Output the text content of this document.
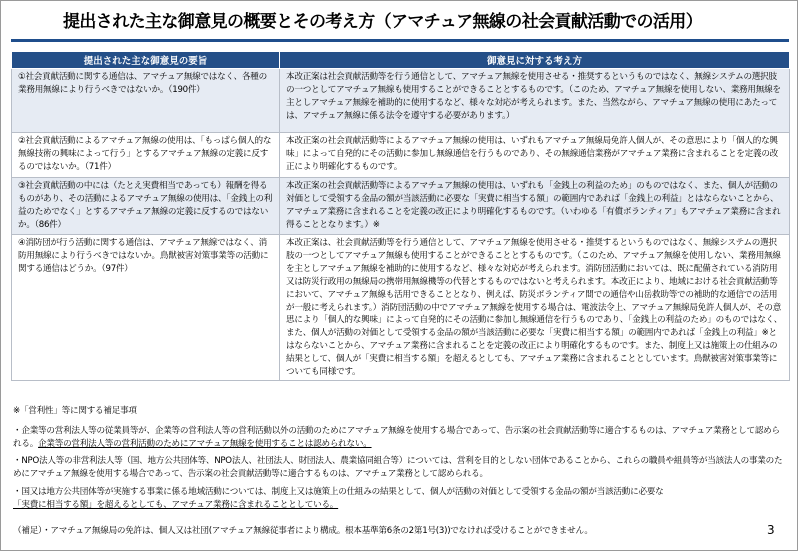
提出された主な御意見の概要とその考え方（アマチュア無線の社会貢献活動での活用）
提出された主な御意見の要旨	御意見に対する考え方
①社会貢献活動に関する通信は、アマチュア無線ではなく、各種の業務用無線により行うべきではないか。（190件）	本改正案は社会貢献活動等を行う通信として、アマチュア無線を使用させる・推奨するというものではなく、無線システムの選択肢の一つとしてアマチュア無線も使用することができることとするものです。（このため、アマチュア無線を使用しない、業務用無線を主としアマチュア無線を補助的に使用するなど、様々な対応が考えられます。また、当然ながら、アマチュア無線の使用にあたっては、アマチュア無線に係る法令を遵守する必要があります。）
②社会貢献活動によるアマチュア無線の使用は、「もっぱら個人的な無線技術の興味によって行う」とするアマチュア無線の定義に反するのではないか。（71件）	本改正案の社会貢献活動等によるアマチュア無線の使用は、いずれもアマチュア無線局免許人個人が、その意思により「個人的な興味」によって自発的にその活動に参加し無線通信を行うものであり、その無線通信業務がアマチュア業務に含まれることを定義の改正により明確化するものです。
③社会貢献活動の中には（たとえ実費相当であっても）報酬を得るものがあり、その活動によるアマチュア無線の使用は、「金銭上の利益のためでなく」とするアマチュア無線の定義に反するのではないか。（86件）	本改正案の社会貢献活動等によるアマチュア無線の使用は、いずれも「金銭上の利益のため」のものではなく、また、個人が活動の対価として受領する金品の額が当該活動に必要な「実費に相当する額」の範囲内であれば「金銭上の利益」とはならないことから、アマチュア業務に含まれることを定義の改正により明確化するものです。（いわゆる「有償ボランティア」もアマチュア業務に含まれ得ることとなります。）※
④消防団が行う活動に関する通信は、アマチュア無線ではなく、消防用無線により行うべきではないか。鳥獣被害対策事業等の活動に関する通信はどうか。（97件）	本改正案は、社会貢献活動等を行う通信として、アマチュア無線を使用させる・推奨するというものではなく、無線システムの選択肢の一つとしてアマチュア無線も使用することができることとするものです。（このため、アマチュア無線を使用しない、業務用無線を主としアマチュア無線を補助的に使用するなど、様々な対応が考えられます。消防団活動においては、既に配備されている消防用又は防災行政用の無線局の携帯用無線機等の代替とするものではないと考えられます。本改正により、地域における社会貢献活動等において、アマチュア無線も活用できることとなり、例えば、防災ボランティア間での通信や山岳救助等での補助的な通信での活用が一般に考えられます。）消防団活動の中でアマチュア無線を使用する場合は、電波法令上、アマチュア無線局免許人個人が、その意思により「個人的な興味」によって自発的にその活動に参加し無線通信を行うものであり、「金銭上の利益のため」のものではなく、また、個人が活動の対価として受領する金品の額が当該活動に必要な「実費に相当する額」の範囲内であれば「金銭上の利益」※とはならないことから、アマチュア業務に含まれることを定義の改正により明確化するものです。また、制度上又は施策上の仕組みの結果として、個人が「実費に相当する額」を超えるとしても、アマチュア業務に含まれることとしています。鳥獣被害対策事業等についても同様です。
※「営利性」等に関する補足事項
・企業等の営利法人等の従業員等が、企業等の営利法人等の営利活動以外の活動のためにアマチュア無線を使用する場合であって、告示案の社会貢献活動等に適合するものは、アマチュア業務として認められる。企業等の営利法人等の営利活動のためにアマチュア無線を使用することは認められない。
・NPO法人等の非営利法人等（国、地方公共団体等、NPO法人、社団法人、財団法人、農業協同組合等）については、営利を目的としない団体であることから、これらの職員や組員等が当該法人の事業のためにアマチュア無線を使用する場合であって、告示案の社会貢献活動等に適合するものは、アマチュア業務として認められる。
・国又は地方公共団体等が実施する事業に係る地域活動については、制度上又は施策上の仕組みの結果として、個人が活動の対価として受領する金品の額が当該活動に必要な
「実費に相当する額」を超えるとしても、アマチュア業務に含まれることとしている。
（補足）・アマチュア無線局の免許は、個人又は社団(アマチュア無線従事者により構成。根本基準第6条の2第1号(3))でなければ受けることができません。	3
